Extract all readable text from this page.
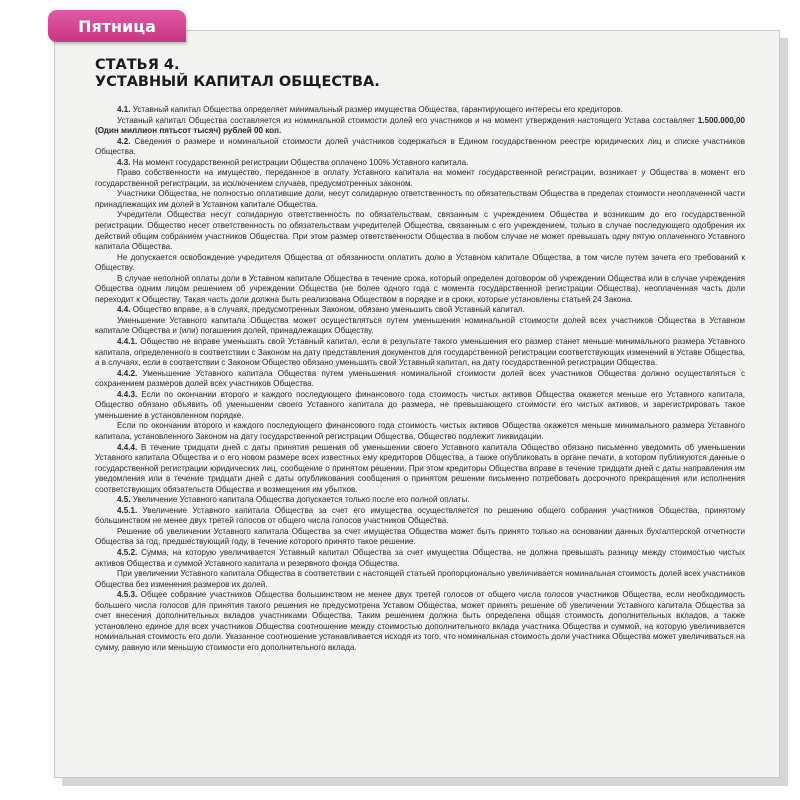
Пятница
СТАТЬЯ 4.
УСТАВНЫЙ КАПИТАЛ ОБЩЕСТВА.

4.1. Уставный капитал Общества определяет минимальный размер имущества Общества, гарантирующего интересы его кредиторов.

Уставный капитал Общества составляется из номинальной стоимости долей его участников и на момент утверждения настоящего Устава составляет 1.500.000,00 (Один миллион пятьсот тысяч) рублей 00 коп.

4.2. Сведения о размере и номинальной стоимости долей участников содержаться в Едином государственном реестре юридических лиц и списке участников Общества.

4.3. На момент государственной регистрации Общества оплачено 100% Уставного капитала.

Право собственности на имущество, переданное в оплату Уставного капитала на момент государственной регистрации, возникает у Общества в момент его государственной регистрации, за исключением случаев, предусмотренных законом.

Участники Общества, не полностью оплатившие доли, несут солидарную ответственность по обязательствам Общества в пределах стоимости неоплаченной части принадлежащих им долей в Уставном капитале Общества.

Учредители Общества несут солидарную ответственность по обязательствам, связанным с учреждением Общества и возникшим до его государственной регистрации. Общество несет ответственность по обязательствам учредителей Общества, связанным с его учреждением, только в случае последующего одобрения их действий общим собранием участников Общества. При этом размер ответственности Общества в любом случае не может превышать одну пятую оплаченного Уставного капитала Общества.

Не допускается освобождение учредителя Общества от обязанности оплатить долю в Уставном капитале Общества, в том числе путем зачета его требований к Обществу.

В случае неполной оплаты доли в Уставном капитале Общества в течение срока, который определен договором об учреждении Общества или в случае учреждения Общества одним лицом решением об учреждении Общества (не более одного года с момента государственной регистрации Общества), неоплаченная часть доли переходит к Обществу. Такая часть доли должна быть реализована Обществом в порядке и в сроки, которые установлены статьей 24 Закона.

4.4. Общество вправе, а в случаях, предусмотренных Законом, обязано уменьшить свой Уставный капитал.

Уменьшение Уставного капитала Общества может осуществляться путем уменьшения номинальной стоимости долей всех участников Общества в Уставном капитале Общества и (или) погашения долей, принадлежащих Обществу.

4.4.1. Общество не вправе уменьшать свой Уставный капитал, если в результате такого уменьшения его размер станет меньше минимального размера Уставного капитала, определенного в соответствии с Законом на дату представления документов для государственной регистрации соответствующих изменений в Уставе Общества, а в случаях, если в соответствии с Законом Общество обязано уменьшить свой Уставный капитал, на дату государственной регистрации Общества.

4.4.2. Уменьшение Уставного капитала Общества путем уменьшения номинальной стоимости долей всех участников Общества должно осуществляться с сохранением размеров долей всех участников Общества.

4.4.3. Если по окончании второго и каждого последующего финансового года стоимость чистых активов Общества окажется меньше его Уставного капитала, Общество обязано объявить об уменьшении своего Уставного капитала до размера, не превышающего стоимости его чистых активов, и зарегистрировать такое уменьшение в установленном порядке.

Если по окончании второго и каждого последующего финансового года стоимость чистых активов Общества окажется меньше минимального размера Уставного капитала, установленного Законом на дату государственной регистрации Общества, Общество подлежит ликвидации.

4.4.4. В течение тридцати дней с даты принятия решения об уменьшении своего Уставного капитала Общество обязано письменно уведомить об уменьшении Уставного капитала Общества и о его новом размере всех известных ему кредиторов Общества, а также опубликовать в органе печати, в котором публикуются данные о государственной регистрации юридических лиц, сообщение о принятом решении. При этом кредиторы Общества вправе в течение тридцати дней с даты направления им уведомления или в течение тридцати дней с даты опубликования сообщения о принятом решении письменно потребовать досрочного прекращения или исполнения соответствующих обязательств Общества и возмещения им убытков.

4.5. Увеличение Уставного капитала Общества допускается только после его полной оплаты.

4.5.1. Увеличение Уставного капитала Общества за счет его имущества осуществляется по решению общего собрания участников Общества, принятому большинством не менее двух третей голосов от общего числа голосов участников Общества.

Решение об увеличении Уставного капитала Общества за счет имущества Общества может быть принято только на основании данных бухгалтерской отчетности Общества за год, предшествующий году, в течение которого принято такое решение.

4.5.2. Сумма, на которую увеличивается Уставный капитал Общества за счет имущества Общества, не должна превышать разницу между стоимостью чистых активов Общества и суммой Уставного капитала и резервного фонда Общества.

При увеличении Уставного капитала Общества в соответствии с настоящей статьей пропорционально увеличивается номинальная стоимость долей всех участников Общества без изменения размеров их долей.

4.5.3. Общее собрание участников Общества большинством не менее двух третей голосов от общего числа голосов участников Общества, если необходимость большего числа голосов для принятия такого решения не предусмотрена Уставом Общества, может принять решение об увеличении Уставного капитала Общества за счет внесения дополнительных вкладов участниками Общества. Таким решением должна быть определена общая стоимость дополнительных вкладов, а также установлено единое для всех участников Общества соотношение между стоимостью дополнительного вклада участника Общества и суммой, на которую увеличивается номинальная стоимость его доли. Указанное соотношение устанавливается исходя из того, что номинальная стоимость доли участника Общества может увеличиваться на сумму, равную или меньшую стоимости его дополнительного вклада.
